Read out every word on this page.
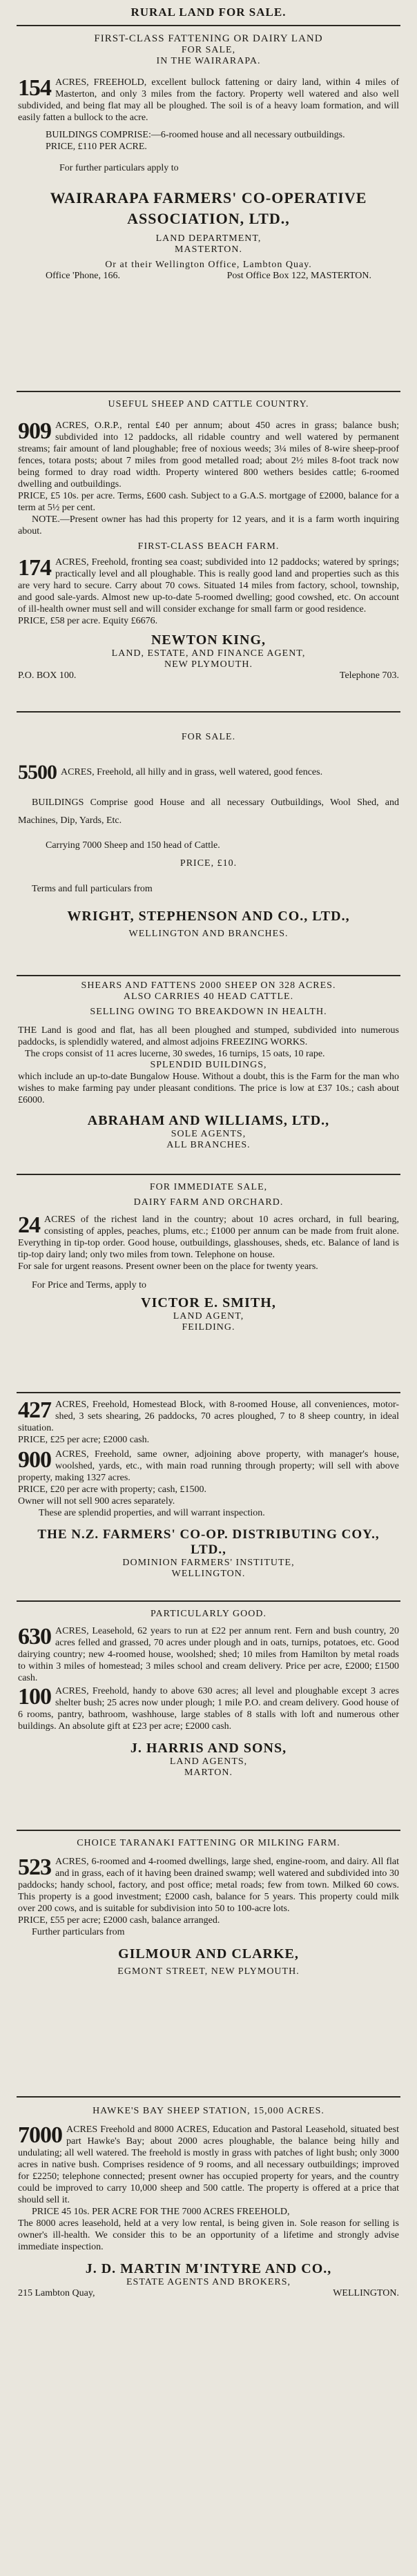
RURAL LAND FOR SALE.
FIRST-CLASS FATTENING OR DAIRY LAND
FOR SALE,
IN THE WAIRARAPA.
154 ACRES, FREEHOLD, excellent bullock fattening or dairy land, within 4 miles of Masterton, and only 3 miles from the factory. Property well watered and also well subdivided, and being flat may all be ploughed. The soil is of a heavy loam formation, and will easily fatten a bullock to the acre.

BUILDINGS COMPRISE:—6-roomed house and all necessary outbuildings.

PRICE, £110 PER ACRE.

For further particulars apply to

WAIRARAPA FARMERS' CO-OPERATIVE ASSOCIATION, LTD.,
LAND DEPARTMENT,
MASTERTON.
Or at their Wellington Office, Lambton Quay.
Office 'Phone, 166.	Post Office Box 122, MASTERTON.
USEFUL SHEEP AND CATTLE COUNTRY.
909 ACRES, O.R.P., rental £40 per annum; about 450 acres in grass; balance bush; subdivided into 12 paddocks, all ridable country and well watered by permanent streams; fair amount of land ploughable; free of noxious weeds; 3¼ miles of 8-wire sheep-proof fences, totara posts; about 7 miles from good metalled road; about 2½ miles 8-foot track now being formed to dray road width. Property wintered 800 wethers besides cattle; 6-roomed dwelling and outbuildings.

PRICE, £5 10s. per acre. Terms, £600 cash. Subject to a G.A.S. mortgage of £2000, balance for a term at 5½ per cent.

NOTE.—Present owner has had this property for 12 years, and it is a farm worth inquiring about.

FIRST-CLASS BEACH FARM.
174 ACRES, Freehold, fronting sea coast; subdivided into 12 paddocks; watered by springs; practically level and all ploughable. This is really good land and properties such as this are very hard to secure. Carry about 70 cows. Situated 14 miles from factory, school, township, and good sale-yards. Almost new up-to-date 5-roomed dwelling; good cowshed, etc. On account of ill-health owner must sell and will consider exchange for small farm or good residence.

PRICE, £58 per acre. Equity £6676.

NEWTON KING,
LAND, ESTATE, AND FINANCE AGENT,
NEW PLYMOUTH.
P.O. BOX 100.	Telephone 703.
FOR SALE.
5500 ACRES, Freehold, all hilly and in grass, well watered, good fences.

BUILDINGS Comprise good House and all necessary Outbuildings, Wool Shed, and Machines, Dip, Yards, Etc.

Carrying 7000 Sheep and 150 head of Cattle.

PRICE, £10.

Terms and full particulars from

WRIGHT, STEPHENSON AND CO., LTD.,
WELLINGTON AND BRANCHES.
SHEARS AND FATTENS 2000 SHEEP ON 328 ACRES.
ALSO CARRIES 40 HEAD CATTLE.
SELLING OWING TO BREAKDOWN IN HEALTH.

THE Land is good and flat, has all been ploughed and stumped, subdivided into numerous paddocks, is splendidly watered, and almost adjoins FREEZING WORKS.

The crops consist of 11 acres lucerne, 30 swedes, 16 turnips, 15 oats, 10 rape.

SPLENDID BUILDINGS,

which include an up-to-date Bungalow House. Without a doubt, this is the Farm for the man who wishes to make farming pay under pleasant conditions. The price is low at £37 10s.; cash about £6000.

ABRAHAM AND WILLIAMS, LTD.,
SOLE AGENTS,
ALL BRANCHES.
FOR IMMEDIATE SALE,
DAIRY FARM AND ORCHARD.
24 ACRES of the richest land in the country; about 10 acres orchard, in full bearing, consisting of apples, peaches, plums, etc.; £1000 per annum can be made from fruit alone. Everything in tip-top order. Good house, outbuildings, glasshouses, sheds, etc. Balance of land is tip-top dairy land; only two miles from town. Telephone on house.

For sale for urgent reasons. Present owner been on the place for twenty years.

For Price and Terms, apply to

VICTOR E. SMITH,
LAND AGENT,
FEILDING.
427 ACRES, Freehold, Homestead Block, with 8-roomed House, all conveniences, motor-shed, 3 sets shearing, 26 paddocks, 70 acres ploughed, 7 to 8 sheep country, in ideal situation.

PRICE, £25 per acre; £2000 cash.

900 ACRES, Freehold, same owner, adjoining above property, with manager's house, woolshed, yards, etc., with main road running through property; will sell with above property, making 1327 acres.

PRICE, £20 per acre with property; cash, £1500.

Owner will not sell 900 acres separately.

These are splendid properties, and will warrant inspection.

THE N.Z. FARMERS' CO-OP. DISTRIBUTING COY., LTD.,
DOMINION FARMERS' INSTITUTE,
WELLINGTON.
PARTICULARLY GOOD.
630 ACRES, Leasehold, 62 years to run at £22 per annum rent. Fern and bush country, 20 acres felled and grassed, 70 acres under plough and in oats, turnips, potatoes, etc. Good dairying country; new 4-roomed house, woolshed; shed; 10 miles from Hamilton by metal roads to within 3 miles of homestead; 3 miles school and cream delivery. Price per acre, £2000; £1500 cash.

100 ACRES, Freehold, handy to above 630 acres; all level and ploughable except 3 acres shelter bush; 25 acres now under plough; 1 mile P.O. and cream delivery. Good house of 6 rooms, pantry, bathroom, washhouse, large stables of 8 stalls with loft and numerous other buildings. An absolute gift at £23 per acre; £2000 cash.

J. HARRIS AND SONS,
LAND AGENTS,
MARTON.
CHOICE TARANAKI FATTENING OR MILKING FARM.
523 ACRES, 6-roomed and 4-roomed dwellings, large shed, engine-room, and dairy. All flat and in grass, each of it having been drained swamp; well watered and subdivided into 30 paddocks; handy school, factory, and post office; metal roads; few from town. Milked 60 cows. This property is a good investment; £2000 cash, balance for 5 years. This property could milk over 200 cows, and is suitable for subdivision into 50 to 100-acre lots.

PRICE, £55 per acre; £2000 cash, balance arranged.

Further particulars from

GILMOUR AND CLARKE,
EGMONT STREET, NEW PLYMOUTH.
HAWKE'S BAY SHEEP STATION, 15,000 ACRES.
7000 ACRES Freehold and 8000 ACRES, Education and Pastoral Leasehold, situated best part Hawke's Bay; about 2000 acres ploughable, the balance being hilly and undulating; all well watered. The freehold is mostly in grass with patches of light bush; only 3000 acres in native bush. Comprises residence of 9 rooms, and all necessary outbuildings; improved for £2250; telephone connected; present owner has occupied property for years, and the country could be improved to carry 10,000 sheep and 500 cattle. The property is offered at a price that should sell it.

PRICE 45 10s. PER ACRE FOR THE 7000 ACRES FREEHOLD,

The 8000 acres leasehold, held at a very low rental, is being given in. Sole reason for selling is owner's ill-health. We consider this to be an opportunity of a lifetime and strongly advise immediate inspection.

J. D. MARTIN M'INTYRE AND CO.,
ESTATE AGENTS AND BROKERS,
215 Lambton Quay,	WELLINGTON.
